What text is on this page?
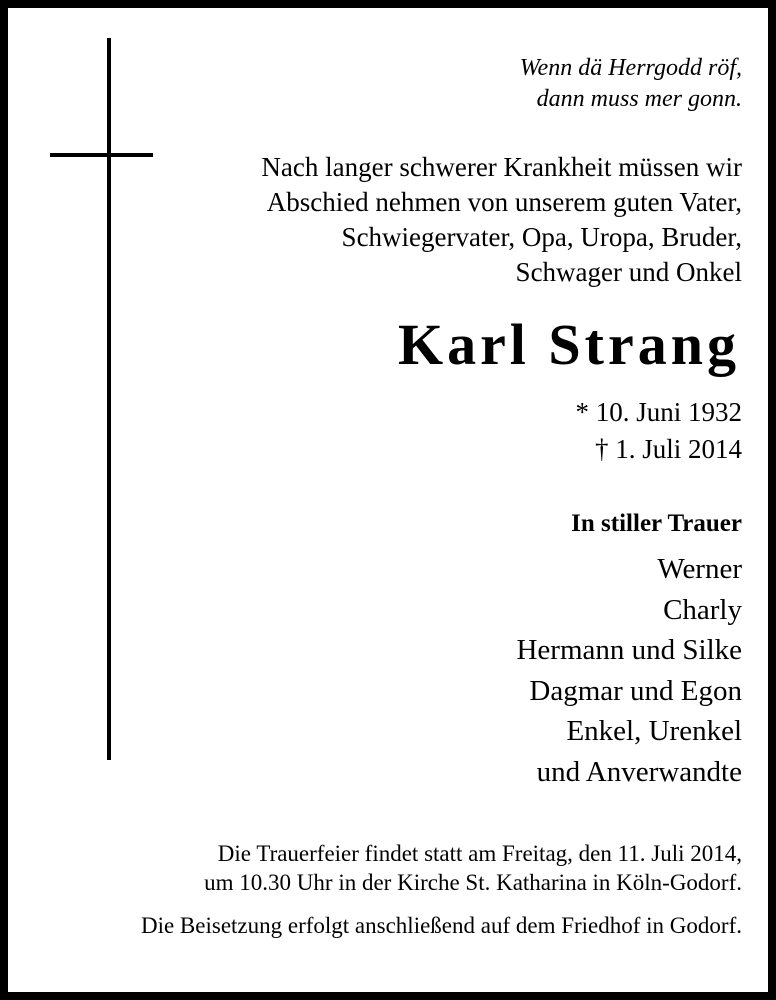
Wenn dä Herrgodd röf,
dann muss mer gonn.
Nach langer schwerer Krankheit müssen wir
Abschied nehmen von unserem guten Vater,
Schwiegervater, Opa, Uropa, Bruder,
Schwager und Onkel
Karl Strang
* 10. Juni 1932
† 1. Juli 2014
In stiller Trauer
Werner
Charly
Hermann und Silke
Dagmar und Egon
Enkel, Urenkel
und Anverwandte
Die Trauerfeier findet statt am Freitag, den 11. Juli 2014,
um 10.30 Uhr in der Kirche St. Katharina in Köln-Godorf.
Die Beisetzung erfolgt anschließend auf dem Friedhof in Godorf.
